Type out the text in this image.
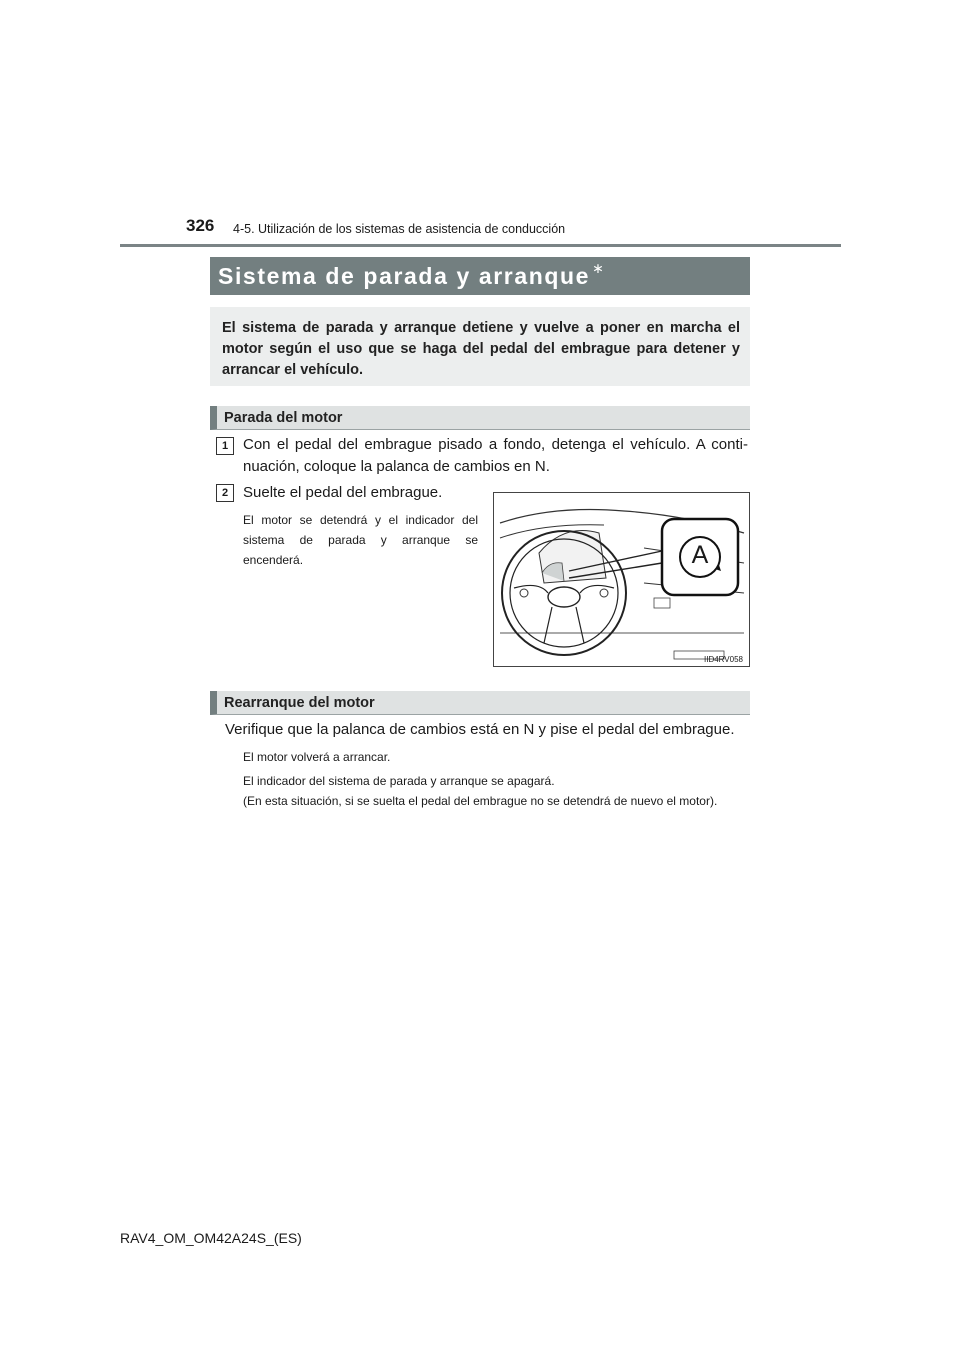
326 4-5. Utilización de los sistemas de asistencia de conducción
Sistema de parada y arranque ∗
El sistema de parada y arranque detiene y vuelve a poner en marcha el motor según el uso que se haga del pedal del embrague para detener y arrancar el vehículo.
Parada del motor
1 Con el pedal del embrague pisado a fondo, detenga el vehículo. A conti-nuación, coloque la palanca de cambios en N.
2 Suelte el pedal del embrague.
El motor se detendrá y el indicador del sistema de parada y arranque se encenderá.	A
IID4RV058
Rearranque del motor
Verifique que la palanca de cambios está en N y pise el pedal del embrague.
El motor volverá a arrancar.
El indicador del sistema de parada y arranque se apagará.
(En esta situación, si se suelta el pedal del embrague no se detendrá de nuevo el motor).
RAV4_OM_OM42A24S_(ES)
